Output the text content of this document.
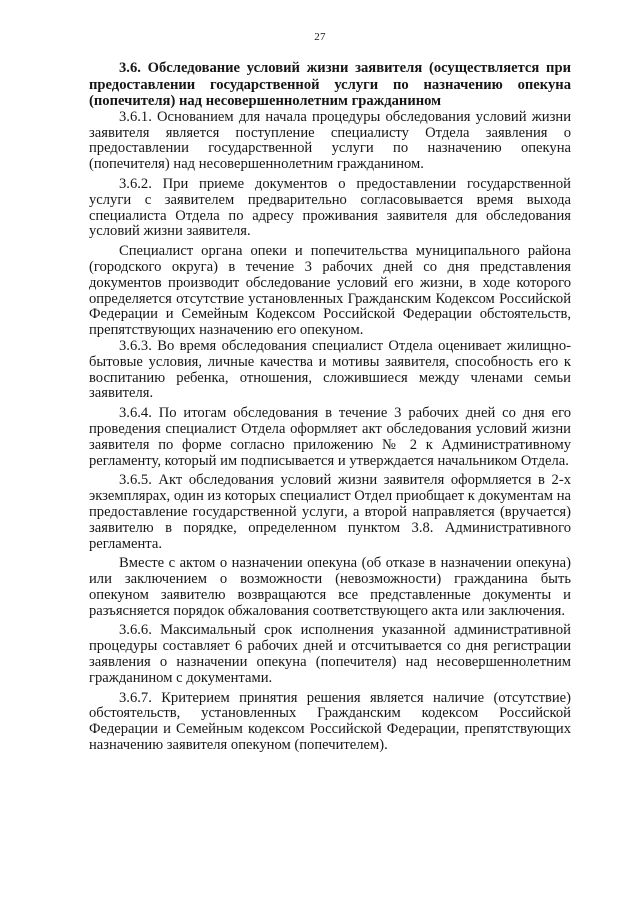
27

3.6. Обследование условий жизни заявителя (осуществляется при предоставлении государственной услуги по назначению опекуна (попечителя) над несовершеннолетним гражданином

3.6.1. Основанием для начала процедуры обследования условий жизни заявителя является поступление специалисту Отдела заявления о предоставлении государственной услуги по назначению опекуна (попечителя) над несовершеннолетним гражданином.

3.6.2. При приеме документов о предоставлении государственной услуги с заявителем предварительно согласовывается время выхода специалиста Отдела по адресу проживания заявителя для обследования условий жизни заявителя.

Специалист органа опеки и попечительства муниципального района (городского округа) в течение 3 рабочих дней со дня представления документов производит обследование условий его жизни, в ходе которого определяется отсутствие установленных Гражданским Кодексом Российской Федерации и Семейным Кодексом Российской Федерации обстоятельств, препятствующих назначению его опекуном.

3.6.3. Во время обследования специалист Отдела оценивает жилищно-бытовые условия, личные качества и мотивы заявителя, способность его к воспитанию ребенка, отношения, сложившиеся между членами семьи заявителя.

3.6.4. По итогам обследования в течение 3 рабочих дней со дня его проведения специалист Отдела оформляет акт обследования условий жизни заявителя по форме согласно приложению № 2 к Административному регламенту, который им подписывается и утверждается начальником Отдела.

3.6.5. Акт обследования условий жизни заявителя оформляется в 2-х экземплярах, один из которых специалист Отдел приобщает к документам на предоставление государственной услуги, а второй направляется (вручается) заявителю в порядке, определенном пунктом 3.8. Административного регламента.

Вместе с актом о назначении опекуна (об отказе в назначении опекуна) или заключением о возможности (невозможности) гражданина быть опекуном заявителю возвращаются все представленные документы и разъясняется порядок обжалования соответствующего акта или заключения.

3.6.6. Максимальный срок исполнения указанной административной процедуры составляет 6 рабочих дней и отсчитывается со дня регистрации заявления о назначении опекуна (попечителя) над несовершеннолетним гражданином с документами.

3.6.7. Критерием принятия решения является наличие (отсутствие) обстоятельств, установленных Гражданским кодексом Российской Федерации и Семейным кодексом Российской Федерации, препятствующих назначению заявителя опекуном (попечителем).
